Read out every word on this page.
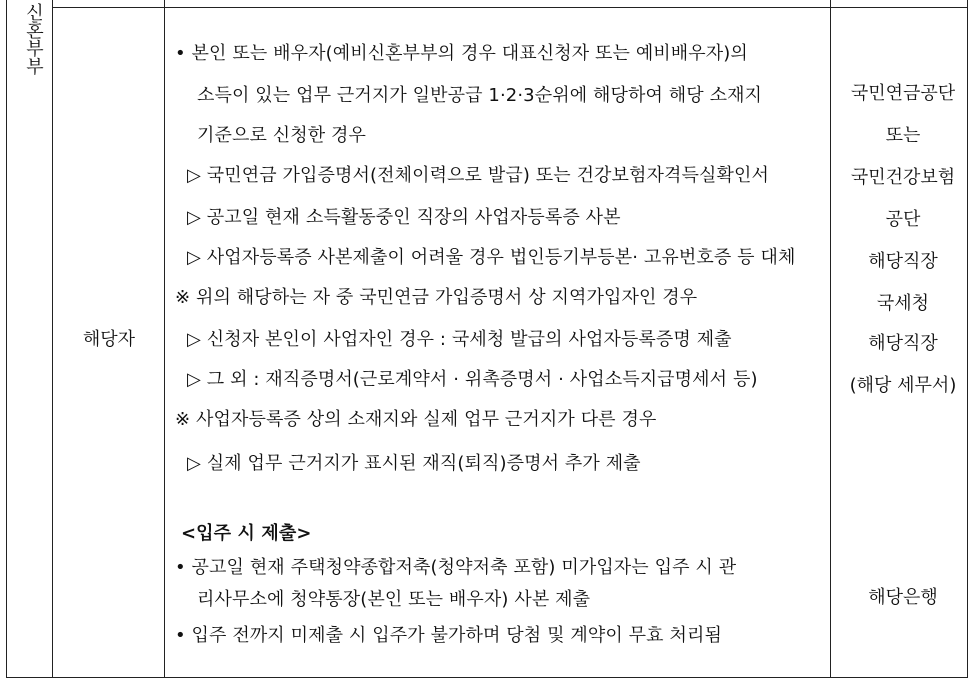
신혼부부
해당자
• 본인 또는 배우자(예비신혼부부의 경우 대표신청자 또는 예비배우자)의
소득이 있는 업무 근거지가 일반공급 1·2·3순위에 해당하여 해당 소재지
기준으로 신청한 경우
▷ 국민연금 가입증명서(전체이력으로 발급) 또는 건강보험자격득실확인서
▷ 공고일 현재 소득활동중인 직장의 사업자등록증 사본
▷ 사업자등록증 사본제출이 어려울 경우 법인등기부등본· 고유번호증 등 대체
※ 위의 해당하는 자 중 국민연금 가입증명서 상 지역가입자인 경우
▷ 신청자 본인이 사업자인 경우 : 국세청 발급의 사업자등록증명 제출
▷ 그 외 : 재직증명서(근로계약서 · 위촉증명서 · 사업소득지급명세서 등)
※ 사업자등록증 상의 소재지와 실제 업무 근거지가 다른 경우
▷ 실제 업무 근거지가 표시된 재직(퇴직)증명서 추가 제출
<입주 시 제출>
• 공고일 현재 주택청약종합저축(청약저축 포함) 미가입자는 입주 시 관
리사무소에 청약통장(본인 또는 배우자) 사본 제출
• 입주 전까지 미제출 시 입주가 불가하며 당첨 및 계약이 무효 처리됨
국민연금공단
또는
국민건강보험
공단
해당직장
국세청
해당직장
(해당 세무서)
해당은행
